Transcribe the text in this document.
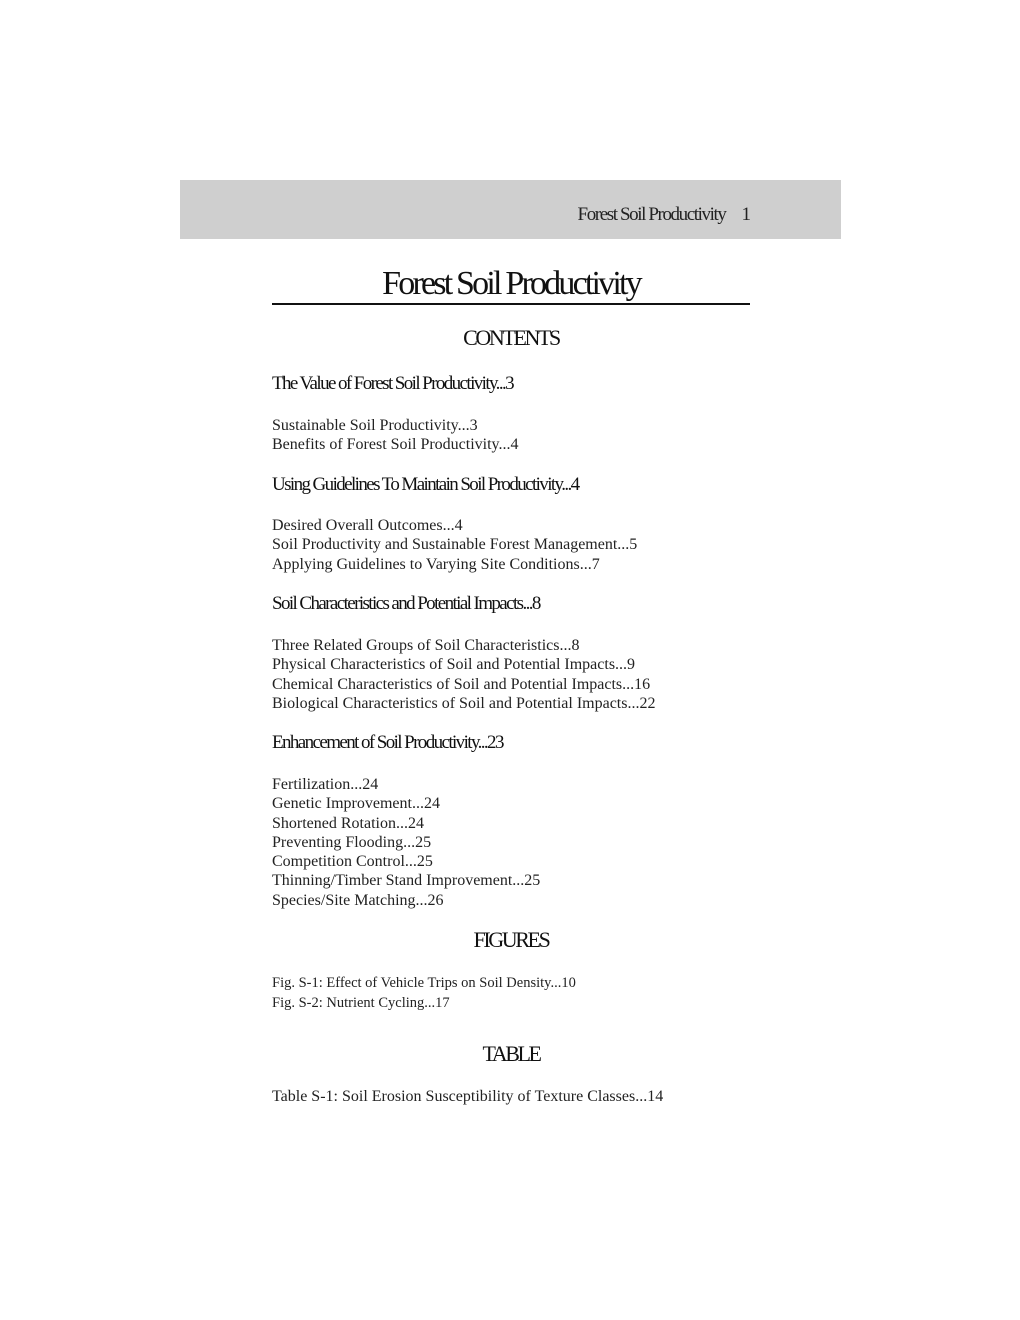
Forest Soil Productivity 1
Forest Soil Productivity
CONTENTS
The Value of Forest Soil Productivity...3
Sustainable Soil Productivity...3
Benefits of Forest Soil Productivity...4
Using Guidelines To Maintain Soil Productivity...4
Desired Overall Outcomes...4
Soil Productivity and Sustainable Forest Management...5
Applying Guidelines to Varying Site Conditions...7
Soil Characteristics and Potential Impacts...8
Three Related Groups of Soil Characteristics...8
Physical Characteristics of Soil and Potential Impacts...9
Chemical Characteristics of Soil and Potential Impacts...16
Biological Characteristics of Soil and Potential Impacts...22
Enhancement of Soil Productivity...23
Fertilization...24
Genetic Improvement...24
Shortened Rotation...24
Preventing Flooding...25
Competition Control...25
Thinning/Timber Stand Improvement...25
Species/Site Matching...26
FIGURES
Fig. S-1: Effect of Vehicle Trips on Soil Density...10
Fig. S-2: Nutrient Cycling...17
TABLE
Table S-1: Soil Erosion Susceptibility of Texture Classes...14
